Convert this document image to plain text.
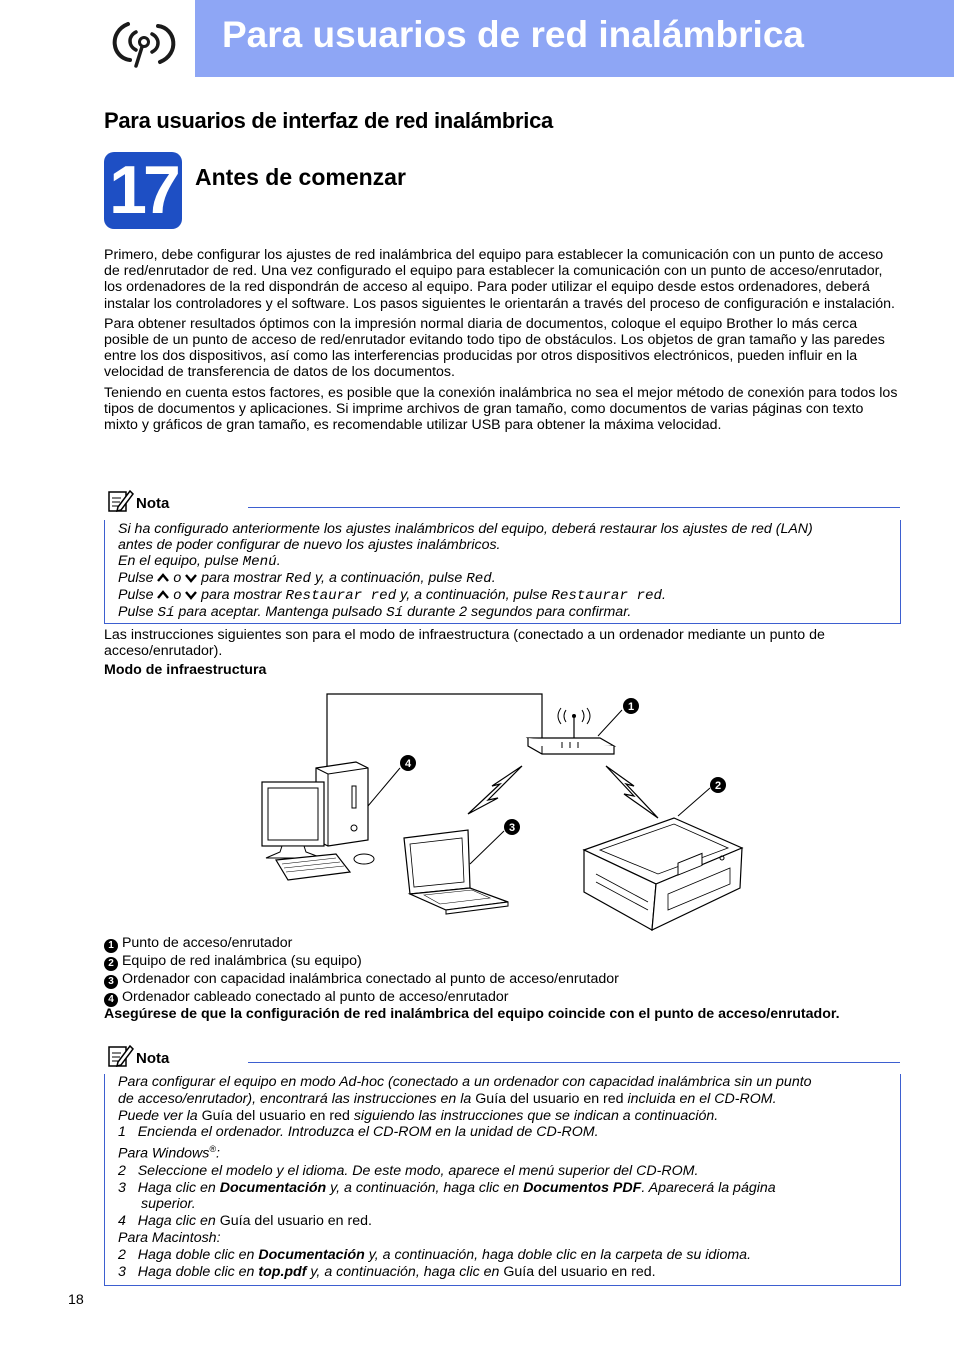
Para usuarios de red inalámbrica
Para usuarios de interfaz de red inalámbrica
17 Antes de comenzar

Primero, debe configurar los ajustes de red inalámbrica del equipo para establecer la comunicación con un punto de acceso de red/enrutador de red. Una vez configurado el equipo para establecer la comunicación con un punto de acceso/enrutador, los ordenadores de la red dispondrán de acceso al equipo. Para poder utilizar el equipo desde estos ordenadores, deberá instalar los controladores y el software. Los pasos siguientes le orientarán a través del proceso de configuración e instalación.

Para obtener resultados óptimos con la impresión normal diaria de documentos, coloque el equipo Brother lo más cerca posible de un punto de acceso de red/enrutador evitando todo tipo de obstáculos. Los objetos de gran tamaño y las paredes entre los dos dispositivos, así como las interferencias producidas por otros dispositivos electrónicos, pueden influir en la velocidad de transferencia de datos de los documentos.

Teniendo en cuenta estos factores, es posible que la conexión inalámbrica no sea el mejor método de conexión para todos los tipos de documentos y aplicaciones. Si imprime archivos de gran tamaño, como documentos de varias páginas con texto mixto y gráficos de gran tamaño, es recomendable utilizar USB para obtener la máxima velocidad.

Nota
Si ha configurado anteriormente los ajustes inalámbricos del equipo, deberá restaurar los ajustes de red (LAN)
antes de poder configurar de nuevo los ajustes inalámbricos.
En el equipo, pulse Menú.
Pulse  o  para mostrar Red y, a continuación, pulse Red.
Pulse  o  para mostrar Restaurar red y, a continuación, pulse Restaurar red.
Pulse Sí para aceptar. Mantenga pulsado Sí durante 2 segundos para confirmar.
Las instrucciones siguientes son para el modo de infraestructura (conectado a un ordenador mediante un punto de acceso/enrutador).
Modo de infraestructura
1
2
3
4
1 Punto de acceso/enrutador
2 Equipo de red inalámbrica (su equipo)
3 Ordenador con capacidad inalámbrica conectado al punto de acceso/enrutador
4 Ordenador cableado conectado al punto de acceso/enrutador
Asegúrese de que la configuración de red inalámbrica del equipo coincide con el punto de acceso/enrutador.
Nota
Para configurar el equipo en modo Ad-hoc (conectado a un ordenador con capacidad inalámbrica sin un punto
de acceso/enrutador), encontrará las instrucciones en la Guía del usuario en red incluida en el CD-ROM.
Puede ver la Guía del usuario en red siguiendo las instrucciones que se indican a continuación.
1 Encienda el ordenador. Introduzca el CD-ROM en la unidad de CD-ROM.
Para Windows®:
2 Seleccione el modelo y el idioma. De este modo, aparece el menú superior del CD-ROM.
3 Haga clic en Documentación y, a continuación, haga clic en Documentos PDF. Aparecerá la página
superior.
4 Haga clic en Guía del usuario en red.
Para Macintosh:
2 Haga doble clic en Documentación y, a continuación, haga doble clic en la carpeta de su idioma.
3 Haga doble clic en top.pdf y, a continuación, haga clic en Guía del usuario en red.
18
